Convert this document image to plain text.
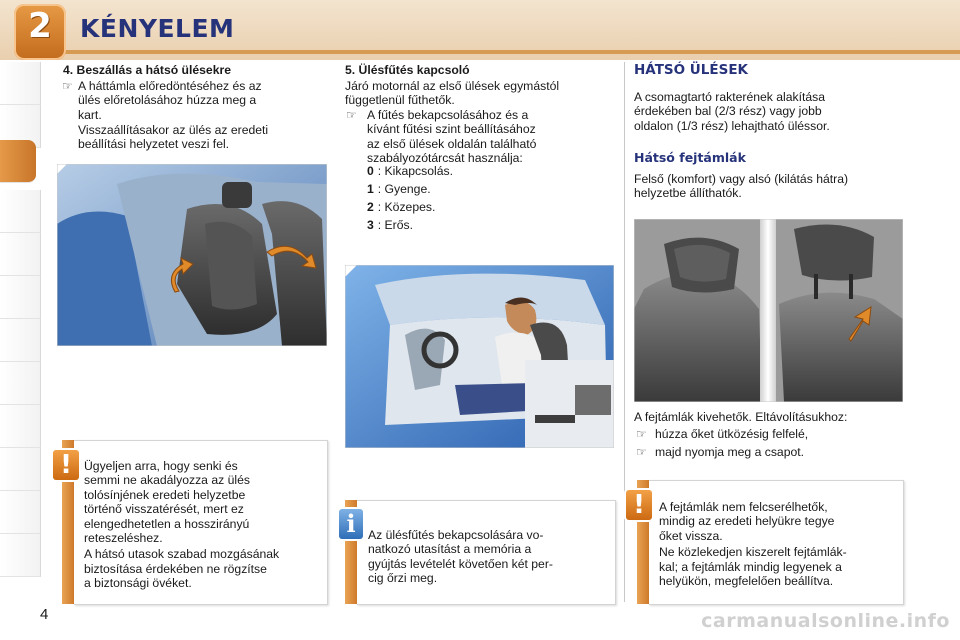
2	KÉNYELEM
4. Beszállás a hátsó ülésekre
☞ A háttámla előredöntéséhez és az
ülés előretolásához húzza meg a
kart.
Visszaállításakor az ülés az eredeti
beállítási helyzetet veszi fel.
! Ügyeljen arra, hogy senki és
semmi ne akadályozza az ülés
tolósínjének eredeti helyzetbe
történő visszatérését, mert ez
elengedhetetlen a hosszirányú
reteszeléshez.
A hátsó utasok szabad mozgásának
biztosítása érdekében ne rögzítse
a biztonsági övéket.
5. Ülésfűtés kapcsoló
Járó motornál az első ülések egymástól
függetlenül fűthetők.
☞ A fűtés bekapcsolásához és a
kívánt fűtési szint beállításához
az első ülések oldalán található
szabályozótárcsát használja:
0 : Kikapcsolás.
1 : Gyenge.
2 : Közepes.
3 : Erős.
i	Az ülésfűtés bekapcsolására vo-
natkozó utasítást a memória a
gyújtás levételét követően két per-
cig őrzi meg.
HÁTSÓ ÜLÉSEK
A csomagtartó rakterének alakítása
érdekében bal (2/3 rész) vagy jobb
oldalon (1/3 rész) lehajtható üléssor.
Hátsó fejtámlák
Felső (komfort) vagy alsó (kilátás hátra)
helyzetbe állíthatók.
A fejtámlák kivehetők. Eltávolításukhoz:
☞ húzza őket ütközésig felfelé,
☞ majd nyomja meg a csapot.
!	A fejtámlák nem felcserélhetők,
mindig az eredeti helyükre tegye
őket vissza.
Ne közlekedjen kiszerelt fejtámlák-
kal; a fejtámlák mindig legyenek a
helyükön, megfelelően beállítva.
4	carmanualsonline.info
